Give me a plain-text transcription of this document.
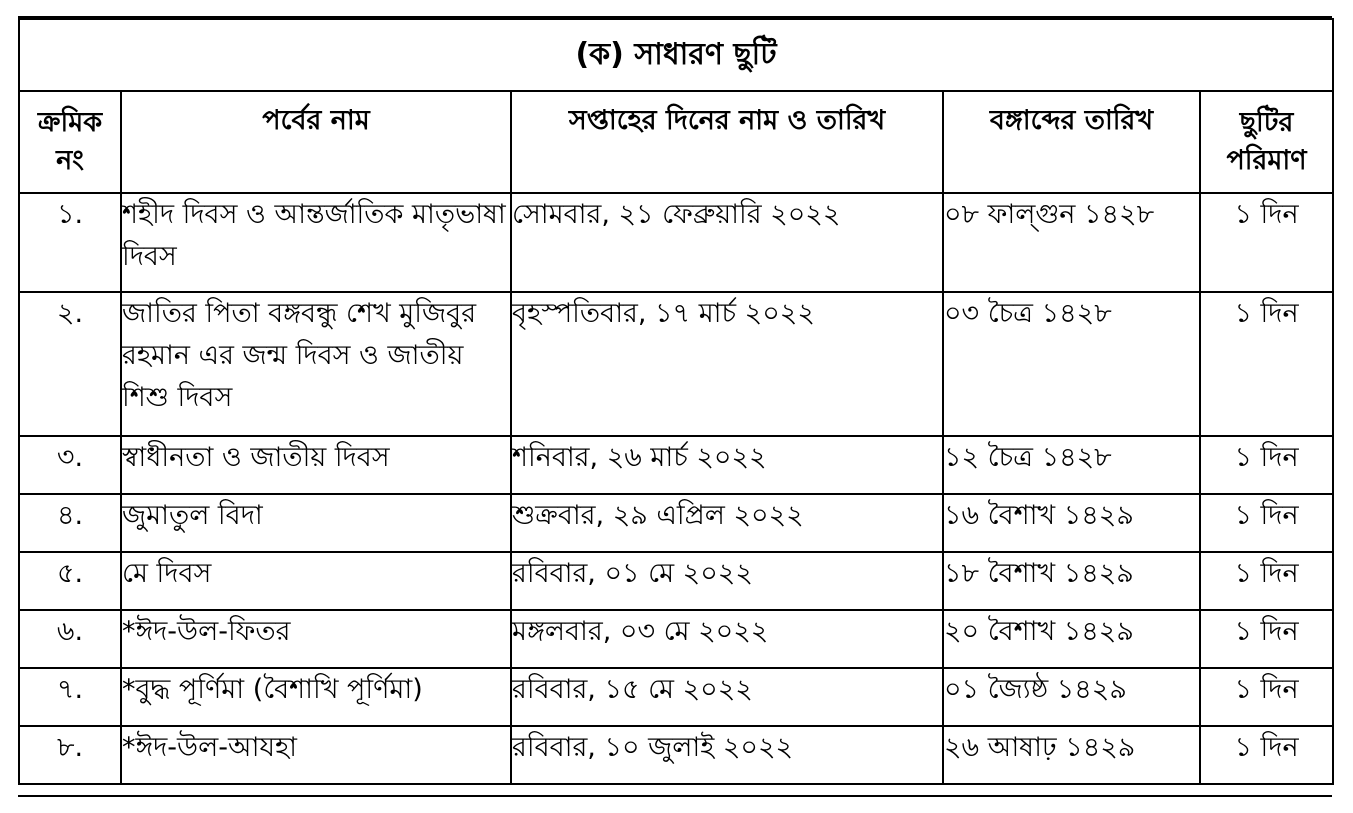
(ক) সাধারণ ছুটি				
ক্রমিক নং	পর্বের নাম	সপ্তাহের দিনের নাম ও তারিখ	বঙ্গাব্দের তারিখ	ছুটির পরিমাণ
১.	শহীদ দিবস ও আন্তর্জাতিক মাতৃভাষা দিবস	সোমবার, ২১ ফেব্রুয়ারি ২০২২	০৮ ফাল্গুন ১৪২৮	১ দিন
২.	জাতির পিতা বঙ্গবন্ধু শেখ মুজিবুর রহমান এর জন্ম দিবস ও জাতীয় শিশু দিবস	বৃহস্পতিবার, ১৭ মার্চ ২০২২	০৩ চৈত্র ১৪২৮	১ দিন
৩.	স্বাধীনতা ও জাতীয় দিবস	শনিবার, ২৬ মার্চ ২০২২	১২ চৈত্র ১৪২৮	১ দিন
৪.	জুমাতুল বিদা	শুক্রবার, ২৯ এপ্রিল ২০২২	১৬ বৈশাখ ১৪২৯	১ দিন
৫.	মে দিবস	রবিবার, ০১ মে ২০২২	১৮ বৈশাখ ১৪২৯	১ দিন
৬.	*ঈদ-উল-ফিতর	মঙ্গলবার, ০৩ মে ২০২২	২০ বৈশাখ ১৪২৯	১ দিন
৭.	*বুদ্ধ পূর্ণিমা (বৈশাখি পূর্ণিমা)	রবিবার, ১৫ মে ২০২২	০১ জ্যৈষ্ঠ ১৪২৯	১ দিন
৮.	*ঈদ-উল-আযহা	রবিবার, ১০ জুলাই ২০২২	২৬ আষাঢ় ১৪২৯	১ দিন
